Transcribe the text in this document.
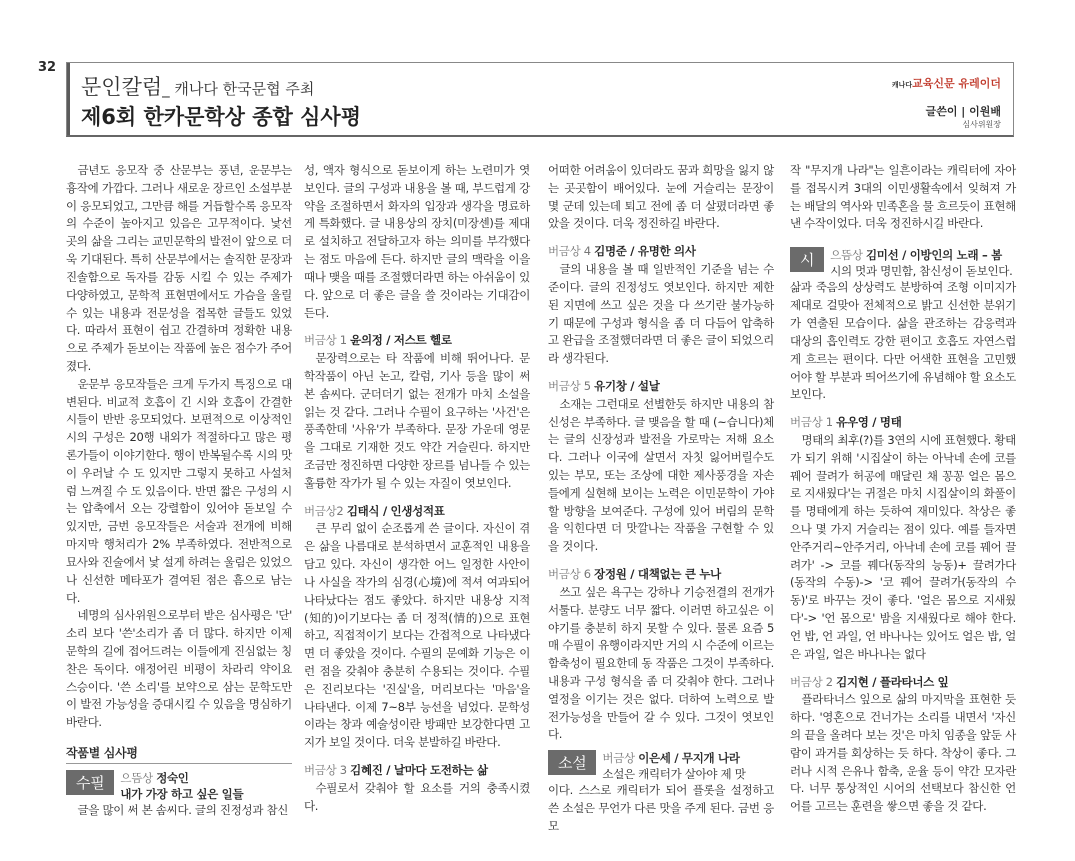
32
문인칼럼_ 캐나다 한국문협 주최
제6회 한카문학상 종합 심사평
캐나다교육신문 유레이더
글쓴이 | 이원배
심사위원장

금년도 응모작 중 산문부는 풍년, 운문부는 흉작에 가깝다. 그러나 새로운 장르인 소설부분이 응모되었고, 그만큼 해를 거듭할수록 응모작의 수준이 높아지고 있음은 고무적이다. 낯선 곳의 삶을 그리는 교민문학의 발전이 앞으로 더욱 기대된다. 특히 산문부에서는 솔직한 문장과 진솔함으로 독자를 감동 시킬 수 있는 주제가 다양하였고, 문학적 표현면에서도 가슴을 울릴 수 있는 내용과 전문성을 접목한 글들도 있었다. 따라서 표현이 쉽고 간결하며 정확한 내용으로 주제가 돋보이는 작품에 높은 점수가 주어졌다.

운문부 응모작들은 크게 두가지 특징으로 대변된다. 비교적 호흡이 긴 시와 호흡이 간결한 시들이 반반 응모되었다. 보편적으로 이상적인 시의 구성은 20행 내외가 적절하다고 많은 평론가들이 이야기한다. 행이 반복될수록 시의 맛이 우러날 수 도 있지만 그렇지 못하고 사설처럼 느껴질 수 도 있음이다. 반면 짧은 구성의 시는 압축에서 오는 강렬함이 있어야 돋보일 수 있지만, 금번 응모작들은 서술과 전개에 비해 마지막 행처리가 2% 부족하였다. 전반적으로 묘사와 진술에서 낯 설게 하려는 울림은 있었으나 신선한 메타포가 결여된 점은 흠으로 남는다.

네명의 심사위원으로부터 받은 심사평은 '단' 소리 보다 '쓴'소리가 좀 더 많다. 하지만 이제 문학의 길에 접어드려는 이들에게 진심없는 칭찬은 독이다. 애정어린 비평이 차라리 약이요 스승이다. '쓴 소리'를 보약으로 삼는 문학도만이 발전 가능성을 증대시킬 수 있음을 명심하기 바란다.

작품별 심사평
수필	으뜸상 정숙인
내가 가장 하고 싶은 일들

글을 많이 써 본 솜씨다. 글의 진정성과 참신

성, 액자 형식으로 돋보이게 하는 노련미가 엿보인다. 글의 구성과 내용을 볼 때, 부드럽게 강약을 조절하면서 화자의 입장과 생각을 명료하게 특화했다. 글 내용상의 장치(미장센)를 제대로 설치하고 전달하고자 하는 의미를 부각했다는 점도 마음에 든다. 하지만 글의 맥락을 이을 때나 맺을 때를 조절했더라면 하는 아쉬움이 있다. 앞으로 더 좋은 글을 쓸 것이라는 기대감이 든다.

버금상 1 윤의정 / 저스트 헬로

문장력으로는 타 작품에 비해 뛰어나다. 문학작품이 아닌 논고, 칼럼, 기사 등을 많이 써 본 솜씨다. 군더더기 없는 전개가 마치 소설을 읽는 것 같다. 그러나 수필이 요구하는 '사건'은 풍족한데 '사유'가 부족하다. 문장 가운데 영문을 그대로 기재한 것도 약간 거슬린다. 하지만 조금만 정진하면 다양한 장르를 넘나들 수 있는 훌륭한 작가가 될 수 있는 자질이 엿보인다.

버금상2 김태식 / 인생성적표

큰 무리 없이 순조롭게 쓴 글이다. 자신이 겪은 삶을 나름대로 분석하면서 교훈적인 내용을 담고 있다. 자신이 생각한 어느 일정한 사안이나 사실을 작가의 심경(心境)에 적셔 여과되어 나타났다는 점도 좋았다. 하지만 내용상 지적(知的)이기보다는 좀 더 정적(情的)으로 표현하고, 직접적이기 보다는 간접적으로 나타냈다면 더 좋았을 것이다. 수필의 문예화 기능은 이런 점을 갖춰야 충분히 수용되는 것이다. 수필은 진리보다는 '진실'을, 머리보다는 '마음'을 나타낸다. 이제 7~8부 능선을 넘었다. 문학성이라는 창과 예술성이란 방패만 보강한다면 고지가 보일 것이다. 더욱 분발하길 바란다.

버금상 3 김혜진 / 날마다 도전하는 삶

수필로서 갖춰야 할 요소를 거의 충족시켰다.

어떠한 어려움이 있더라도 꿈과 희망을 잃지 않는 곳곳함이 배어있다. 눈에 거슬리는 문장이 몇 군데 있는데 퇴고 전에 좀 더 살폈더라면 좋았을 것이다. 더욱 정진하길 바란다.

버금상 4 김명준 / 유명한 의사

글의 내용을 볼 때 일반적인 기준을 넘는 수준이다. 글의 진정성도 엿보인다. 하지만 제한된 지면에 쓰고 싶은 것을 다 쓰기란 불가능하기 때문에 구성과 형식을 좀 더 다듬어 압축하고 완급을 조절했더라면 더 좋은 글이 되었으리라 생각된다.

버금상 5 유기창 / 설날

소재는 그런대로 선별한듯 하지만 내용의 참신성은 부족하다. 글 맺음을 할 때 (~습니다)체는 글의 신장성과 발전을 가로막는 저해 요소다. 그러나 이국에 살면서 자칫 잃어버릴수도 있는 부모, 또는 조상에 대한 제사풍경을 자손들에게 실현해 보이는 노력은 이민문학이 가야할 방향을 보여준다. 구성에 있어 버림의 문학을 익힌다면 더 맛깔나는 작품을 구현할 수 있을 것이다.

버금상 6 장정원 / 대책없는 큰 누나

쓰고 싶은 욕구는 강하나 기승전결의 전개가 서툴다. 분량도 너무 짧다. 이러면 하고싶은 이야기를 충분히 하지 못할 수 있다. 물론 요즘 5매 수필이 유행이라지만 거의 시 수준에 이르는 함축성이 필요한데 동 작품은 그것이 부족하다. 내용과 구성 형식을 좀 더 갖춰야 한다. 그러나 열정을 이기는 것은 없다. 더하여 노력으로 발전가능성을 만들어 갈 수 있다. 그것이 엿보인다.

소설	버금상 이은세 / 무지개 나라
소설은 캐릭터가 살아야 제 맛

이다. 스스로 캐릭터가 되어 플롯을 설정하고 쓴 소설은 무언가 다른 맛을 주게 된다. 금번 응모

작 "무지개 나라"는 일흔이라는 캐릭터에 자아를 접목시켜 3대의 이민생활속에서 잊혀져 가는 배달의 역사와 민족혼을 물 흐르듯이 표현해낸 수작이었다. 더욱 정진하시길 바란다.

시	으뜸상 김미선 / 이방인의 노래 – 봄
시의 멋과 명민함, 참신성이 돋보인다.

삶과 죽음의 상상력도 분방하여 조형 이미지가 제대로 걸맞아 전체적으로 밝고 신선한 분위기가 연출된 모습이다. 삶을 관조하는 감응력과 대상의 흡인력도 강한 편이고 호흡도 자연스럽게 흐르는 편이다. 다만 어색한 표현을 고민했어야 할 부분과 띄어쓰기에 유념해야 할 요소도 보인다.

버금상 1 유우영 / 명태

명태의 최후(?)를 3연의 시에 표현했다. 황태가 되기 위해 '시집살이 하는 아낙네 손에 코를 꿰어 끌려가 허공에 매달린 채 꽁꽁 얼은 몸으로 지새웠다'는 귀절은 마치 시집살이의 화풀이를 명태에게 하는 듯하여 재미있다. 착상은 좋으나 몇 가지 거슬리는 점이 있다. 예를 들자면 안주거리~안주거리, 아낙네 손에 코를 꿰어 끌려가' -> 코를 꿰다(동작의 능동)+ 끌려가다(동작의 수동)-> '코 꿰어 끌려가(동작의 수동)'로 바꾸는 것이 좋다. '얼은 몸으로 지새웠다'-> '언 몸으로' 밤을 지새웠다로 해야 한다. 언 밥, 언 과일, 언 바나나는 있어도 얼은 밥, 얼은 과일, 얼은 바나나는 없다

버금상 2 김지현 / 플라타너스 잎

플라타너스 잎으로 삶의 마지막을 표현한 듯하다. '영혼으로 건너가는 소리를 내면서 '자신의 끝을 올려다 보는 것'은 마치 임종을 앞둔 사람이 과거를 회상하는 듯 하다. 착상이 좋다. 그러나 시적 은유나 함축, 운율 등이 약간 모자란다. 너무 통상적인 시어의 선택보다 참신한 언어를 고르는 훈련을 쌓으면 좋을 것 같다.
